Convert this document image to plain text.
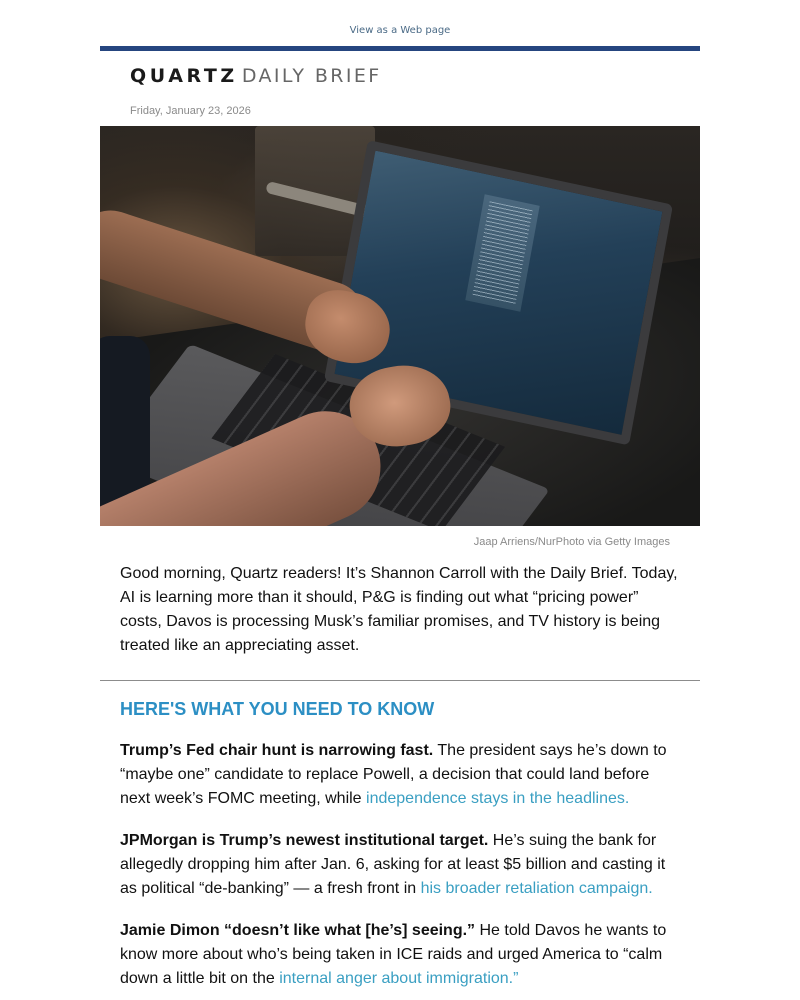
View as a Web page
QUARTZ DAILY BRIEF
Friday, January 23, 2026
Jaap Arriens/NurPhoto via Getty Images

Good morning, Quartz readers! It’s Shannon Carroll with the Daily Brief. Today, AI is learning more than it should, P&G is finding out what “pricing power” costs, Davos is processing Musk’s familiar promises, and TV history is being treated like an appreciating asset.

HERE'S WHAT YOU NEED TO KNOW

Trump’s Fed chair hunt is narrowing fast. The president says he’s down to “maybe one” candidate to replace Powell, a decision that could land before next week’s FOMC meeting, while independence stays in the headlines.

JPMorgan is Trump’s newest institutional target. He’s suing the bank for allegedly dropping him after Jan. 6, asking for at least $5 billion and casting it as political “de-banking” — a fresh front in his broader retaliation campaign.

Jamie Dimon “doesn’t like what [he’s] seeing.” He told Davos he wants to know more about who’s being taken in ICE raids and urged America to “calm down a little bit on the internal anger about immigration.”
